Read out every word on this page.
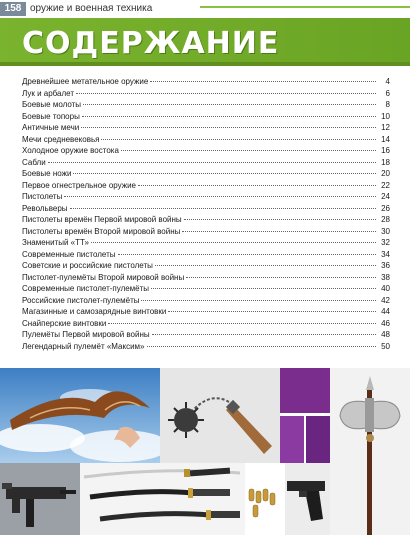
158 оружие и военная техника
СОДЕРЖАНИЕ
Древнейшее метательное оружие	4
Лук и арбалет	6
Боевые молоты	8
Боевые топоры	10
Античные мечи	12
Мечи средневековья	14
Холодное оружие востока	16
Сабли	18
Боевые ножи	20
Первое огнестрельное оружие	22
Пистолеты	24
Револьверы	26
Пистолеты времён Первой мировой войны	28
Пистолеты времён Второй мировой войны	30
Знаменитый «ТТ»	32
Современные пистолеты	34
Советские и российские пистолеты	36
Пистолет-пулемёты Второй мировой войны	38
Современные пистолет-пулемёты	40
Российские пистолет-пулемёты	42
Магазинные и самозарядные винтовки	44
Снайперские винтовки	46
Пулемёты Первой мировой войны	48
Легендарный пулемёт «Максим»	50
